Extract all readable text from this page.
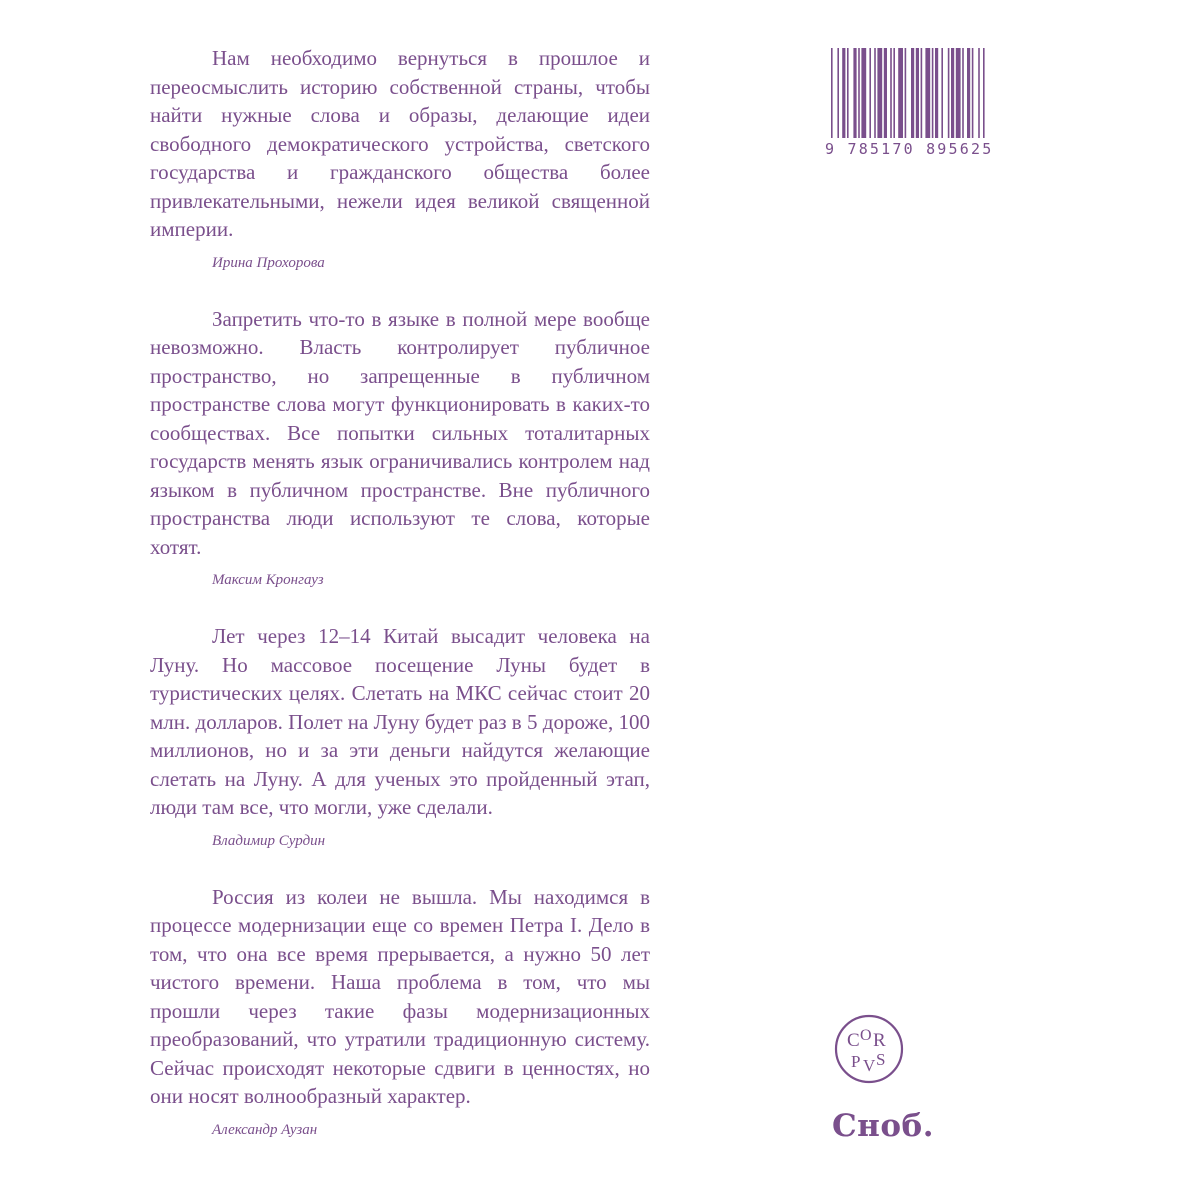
Нам необходимо вернуться в прошлое и переосмыслить историю собственной страны, чтобы найти нужные слова и образы, делающие идеи свободного демократического устройства, светского государства и гражданского общества более привлекательными, нежели идея великой священной империи.

Ирина Прохорова

Запретить что-то в языке в полной мере вообще невозможно. Власть контролирует публичное пространство, но запрещенные в публичном пространстве слова могут функционировать в каких-то сообществах. Все попытки сильных тоталитарных государств менять язык ограничивались контролем над языком в публичном пространстве. Вне публичного пространства люди используют те слова, которые хотят.

Максим Кронгауз

Лет через 12–14 Китай высадит человека на Луну. Но массовое посещение Луны будет в туристических целях. Слетать на МКС сейчас стоит 20 млн. долларов. Полет на Луну будет раз в 5 дороже, 100 миллионов, но и за эти деньги найдутся желающие слетать на Луну. А для ученых это пройденный этап, люди там все, что могли, уже сделали.

Владимир Сурдин

Россия из колеи не вышла. Мы находимся в процессе модернизации еще со времен Петра I. Дело в том, что она все время прерывается, а нужно 50 лет чистого времени. Наша проблема в том, что мы прошли через такие фазы модернизационных преобразований, что утратили традиционную систему. Сейчас происходят некоторые сдвиги в ценностях, но они носят волнообразный характер.

Александр Аузан
9 785170 895625
C O R
P V S
Сноб.
